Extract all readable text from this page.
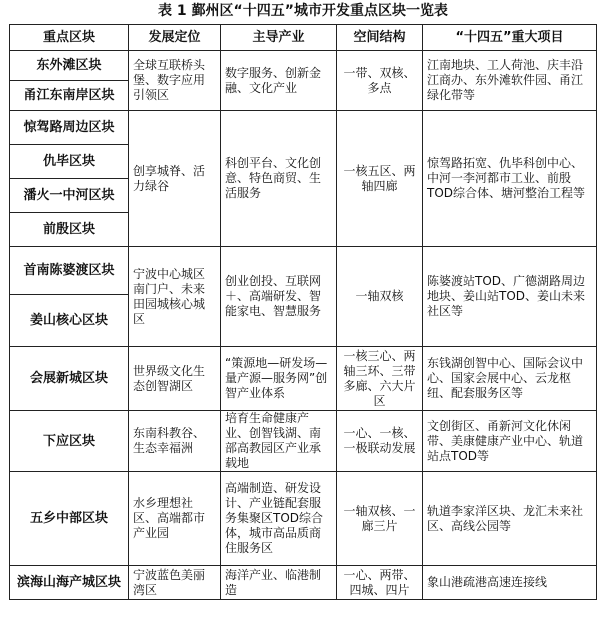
表 1 鄞州区“十四五”城市开发重点区块一览表
重点区块	发展定位	主导产业	空间结构	“十四五”重大项目
东外滩区块	全球互联桥头堡、数字应用引领区	数字服务、创新金融、文化产业	一带、双核、多点	江南地块、工人荷池、庆丰沿江商办、东外滩软件园、甬江绿化带等
甬江东南岸区块				
惊驾路周边区块	创享城脊、活力绿谷	科创平台、文化创意、特色商贸、生活服务	一核五区、两轴四廊	惊驾路拓宽、仇毕科创中心、中河一李河都市工业、前殷TOD综合体、塘河整治工程等
仇毕区块				
潘火一中河区块				
前殷区块				
首南陈婆渡区块	宁波中心城区南门户、未来田园城核心城区	创业创投、互联网＋、高端研发、智能家电、智慧服务	一轴双核	陈婆渡站TOD、广德湖路周边地块、姜山站TOD、姜山未来社区等
姜山核心区块				
会展新城区块	世界级文化生态创智湖区	“策源地—研发场—量产源—服务网”创智产业体系	一核三心、两轴三环、三带多廊、六大片区	东钱湖创智中心、国际会议中心、国家会展中心、云龙枢纽、配套服务区等
下应区块	东南科教谷、生态幸福洲	培育生命健康产业、创智钱湖、南部高教园区产业承载地	一心、一核、一极联动发展	文创街区、甬新河文化休闲带、美康健康产业中心、轨道站点TOD等
五乡中部区块	水乡理想社区、高端都市产业园	高端制造、研发设计、产业链配套服务集聚区TOD综合体，城市高品质商住服务区	一轴双核、一廊三片	轨道李家洋区块、龙汇未来社区、高线公园等
滨海山海产城区块	宁波蓝色美丽湾区	海洋产业、临港制造	一心、两带、四城、四片	象山港疏港高速连接线
